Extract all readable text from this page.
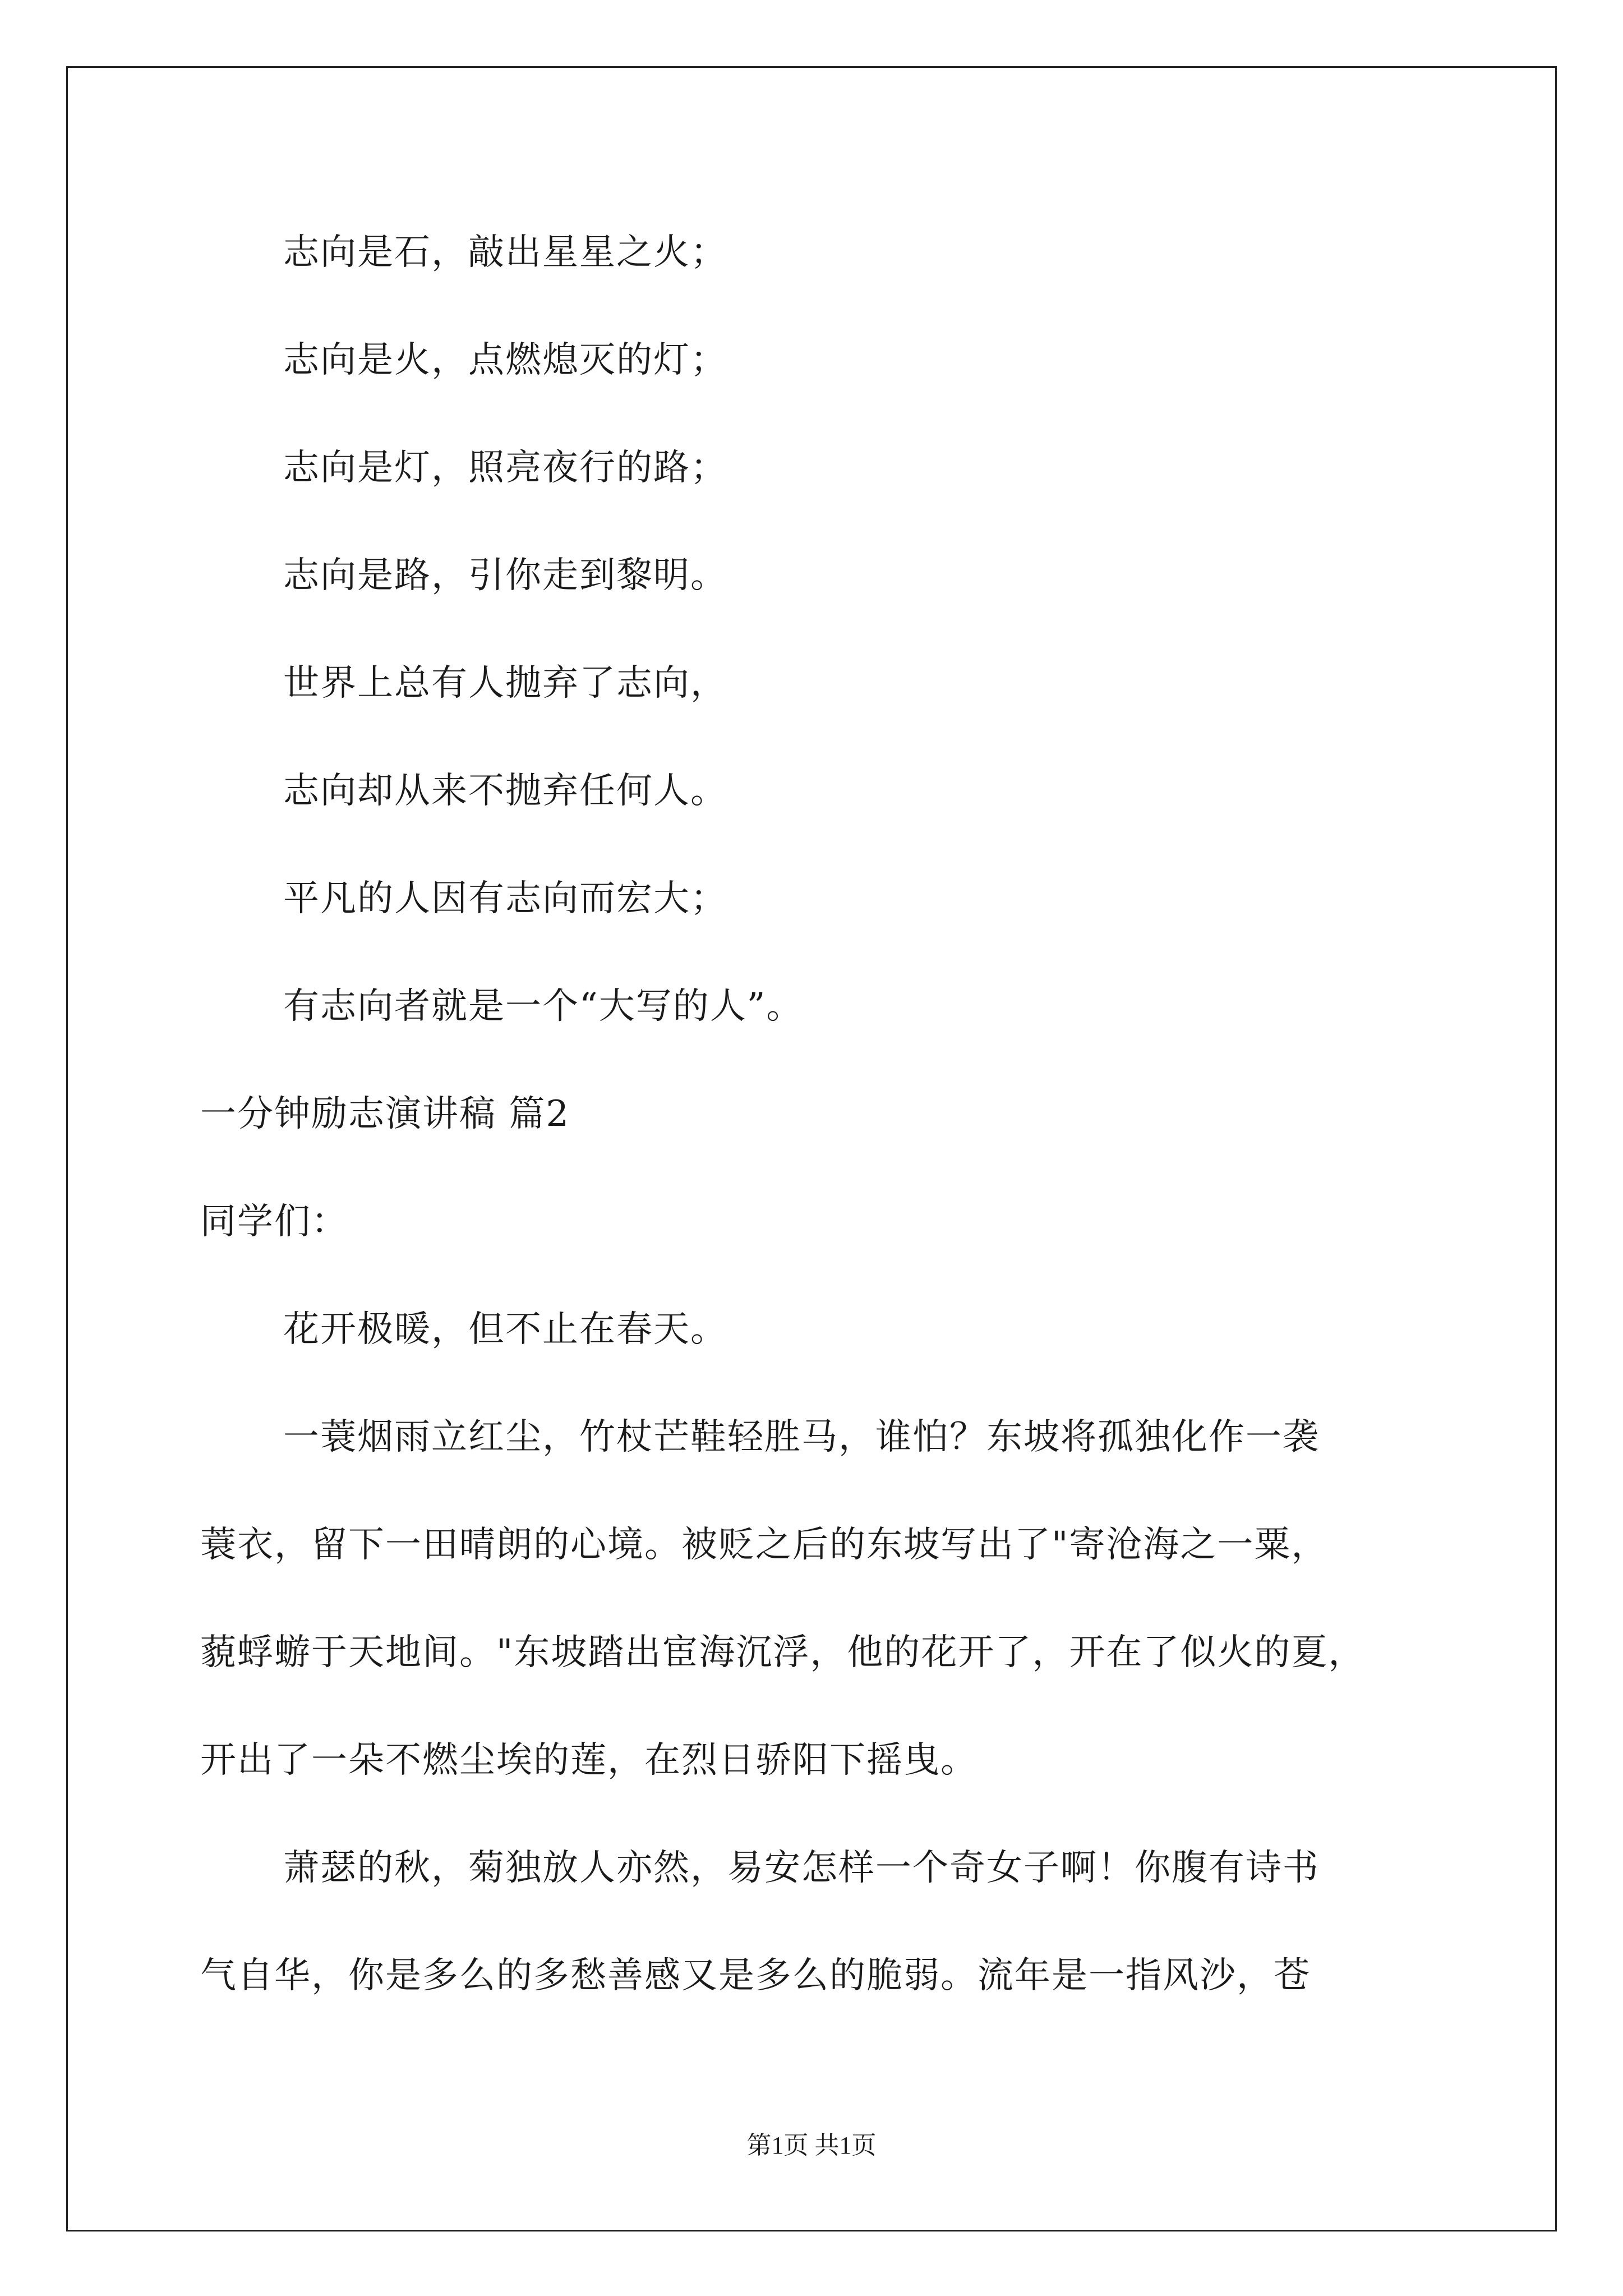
志向是石，敲出星星之火；
志向是火，点燃熄灭的灯；
志向是灯，照亮夜行的路；
志向是路，引你走到黎明。
世界上总有人抛弃了志向，
志向却从来不抛弃任何人。
平凡的人因有志向而宏大；
有志向者就是一个“大写的人”。
一分钟励志演讲稿 篇2
同学们：
花开极暖，但不止在春天。
一蓑烟雨立红尘，竹杖芒鞋轻胜马，谁怕？东坡将孤独化作一袭
蓑衣，留下一田晴朗的心境。被贬之后的东坡写出了"寄沧海之一粟，
藐蜉蝣于天地间。"东坡踏出宦海沉浮，他的花开了，开在了似火的夏，
开出了一朵不燃尘埃的莲，在烈日骄阳下摇曳。
萧瑟的秋，菊独放人亦然，易安怎样一个奇女子啊！你腹有诗书
气自华，你是多么的多愁善感又是多么的脆弱。流年是一指风沙，苍
第1页 共1页
